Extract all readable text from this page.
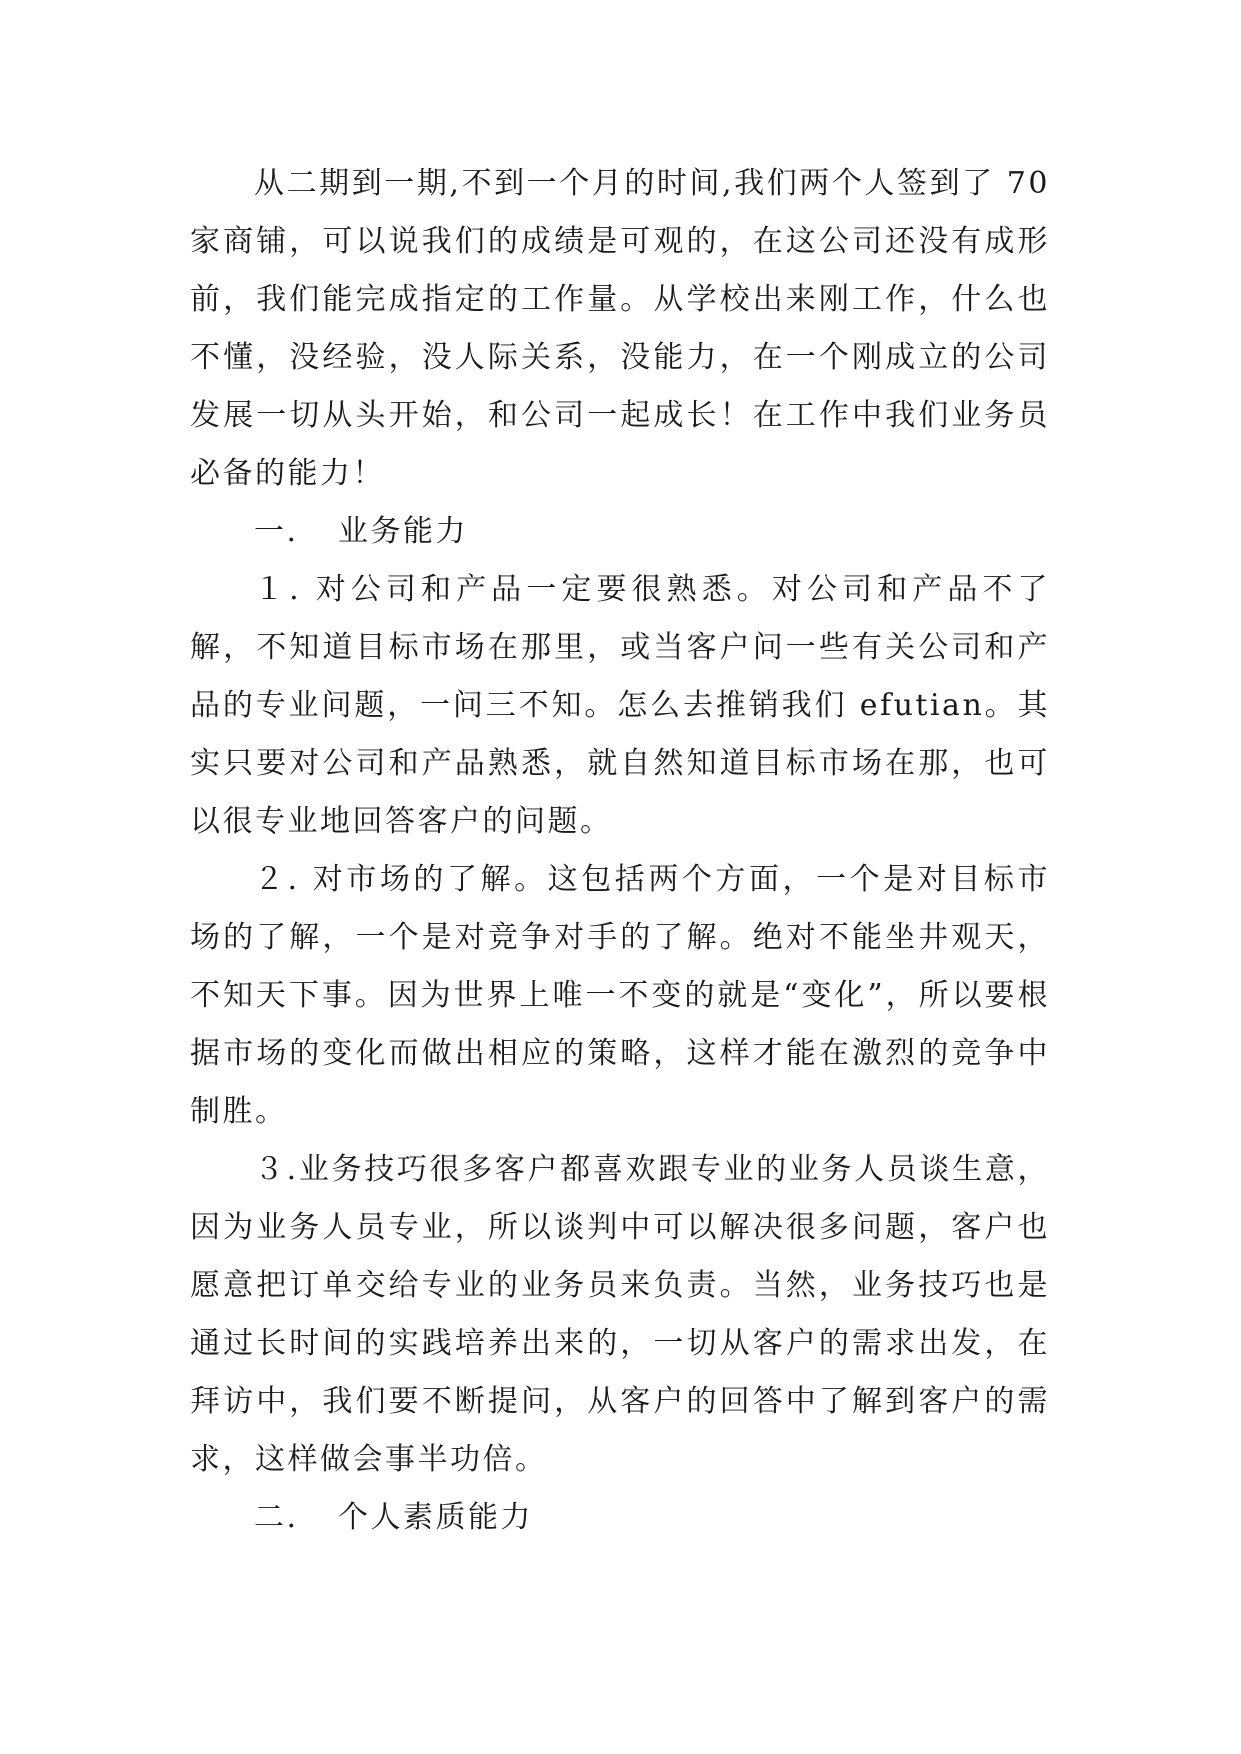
从二期到一期,不到一个月的时间,我们两个人签到了 70 家商铺，可以说我们的成绩是可观的，在这公司还没有成形前，我们能完成指定的工作量。从学校出来刚工作，什么也不懂，没经验，没人际关系，没能力，在一个刚成立的公司发展一切从头开始，和公司一起成长！在工作中我们业务员必备的能力！

一. 业务能力

１. 对公司和产品一定要很熟悉。对公司和产品不了解，不知道目标市场在那里，或当客户问一些有关公司和产品的专业问题，一问三不知。怎么去推销我们 efutian。其实只要对公司和产品熟悉，就自然知道目标市场在那，也可以很专业地回答客户的问题。

２. 对市场的了解。这包括两个方面，一个是对目标市场的了解，一个是对竞争对手的了解。绝对不能坐井观天，不知天下事。因为世界上唯一不变的就是“变化”，所以要根据市场的变化而做出相应的策略，这样才能在激烈的竞争中制胜。

３.业务技巧很多客户都喜欢跟专业的业务人员谈生意，因为业务人员专业，所以谈判中可以解决很多问题，客户也愿意把订单交给专业的业务员来负责。当然，业务技巧也是通过长时间的实践培养出来的，一切从客户的需求出发，在拜访中，我们要不断提问，从客户的回答中了解到客户的需求，这样做会事半功倍。

二. 个人素质能力
